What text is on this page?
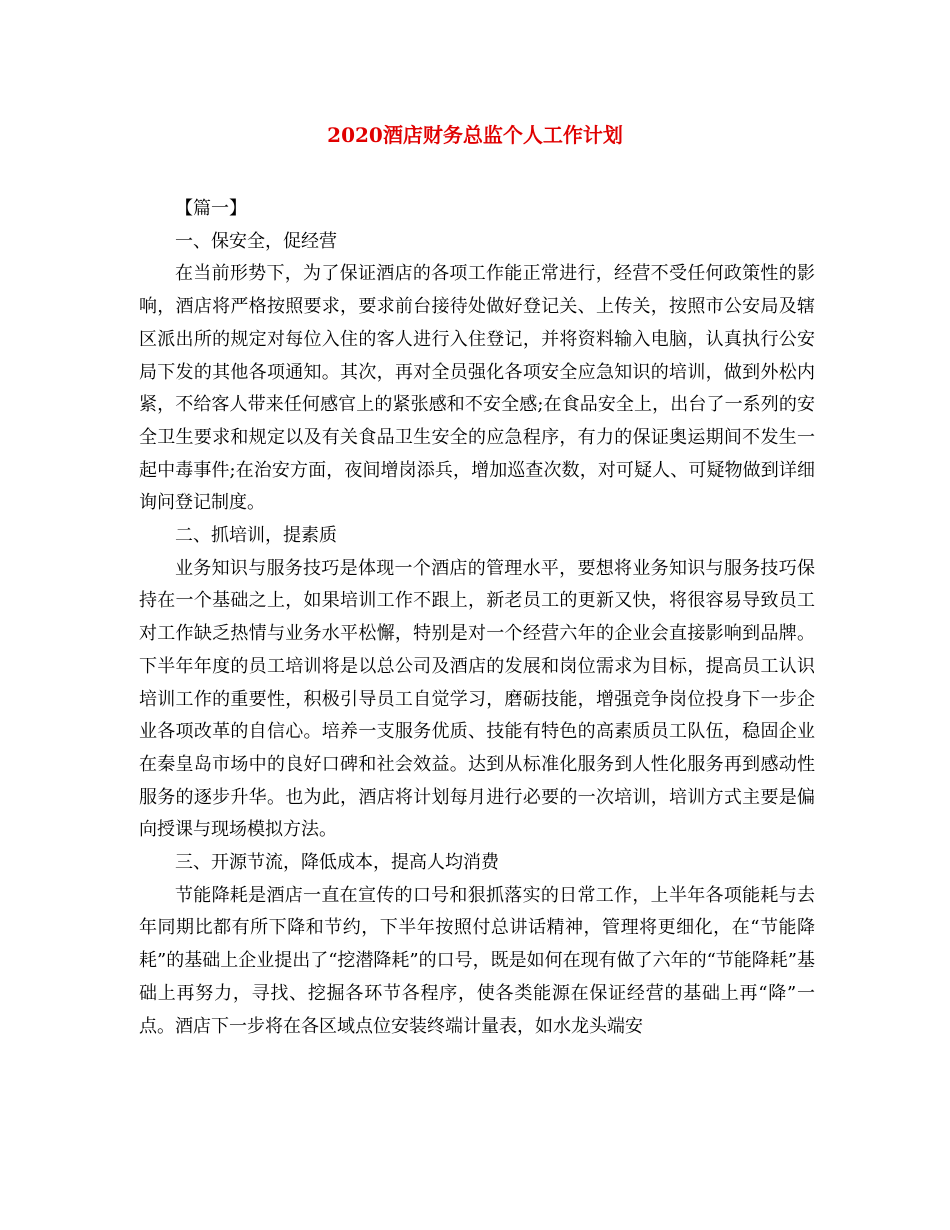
2020酒店财务总监个人工作计划

【篇一】

一、保安全，促经营

在当前形势下，为了保证酒店的各项工作能正常进行，经营不受任何政策性的影响，酒店将严格按照要求，要求前台接待处做好登记关、上传关，按照市公安局及辖区派出所的规定对每位入住的客人进行入住登记，并将资料输入电脑，认真执行公安局下发的其他各项通知。其次，再对全员强化各项安全应急知识的培训，做到外松内紧，不给客人带来任何感官上的紧张感和不安全感;在食品安全上，出台了一系列的安全卫生要求和规定以及有关食品卫生安全的应急程序，有力的保证奥运期间不发生一起中毒事件;在治安方面，夜间增岗添兵，增加巡查次数，对可疑人、可疑物做到详细询问登记制度。

二、抓培训，提素质

业务知识与服务技巧是体现一个酒店的管理水平，要想将业务知识与服务技巧保持在一个基础之上，如果培训工作不跟上，新老员工的更新又快，将很容易导致员工对工作缺乏热情与业务水平松懈，特别是对一个经营六年的企业会直接影响到品牌。下半年年度的员工培训将是以总公司及酒店的发展和岗位需求为目标，提高员工认识培训工作的重要性，积极引导员工自觉学习，磨砺技能，增强竞争岗位投身下一步企业各项改革的自信心。培养一支服务优质、技能有特色的高素质员工队伍，稳固企业在秦皇岛市场中的良好口碑和社会效益。达到从标准化服务到人性化服务再到感动性服务的逐步升华。也为此，酒店将计划每月进行必要的一次培训，培训方式主要是偏向授课与现场模拟方法。

三、开源节流，降低成本，提高人均消费

节能降耗是酒店一直在宣传的口号和狠抓落实的日常工作，上半年各项能耗与去年同期比都有所下降和节约，下半年按照付总讲话精神，管理将更细化，在“节能降耗”的基础上企业提出了“挖潜降耗”的口号，既是如何在现有做了六年的“节能降耗”基础上再努力，寻找、挖掘各环节各程序，使各类能源在保证经营的基础上再“降”一点。酒店下一步将在各区域点位安装终端计量表，如水龙头端安
